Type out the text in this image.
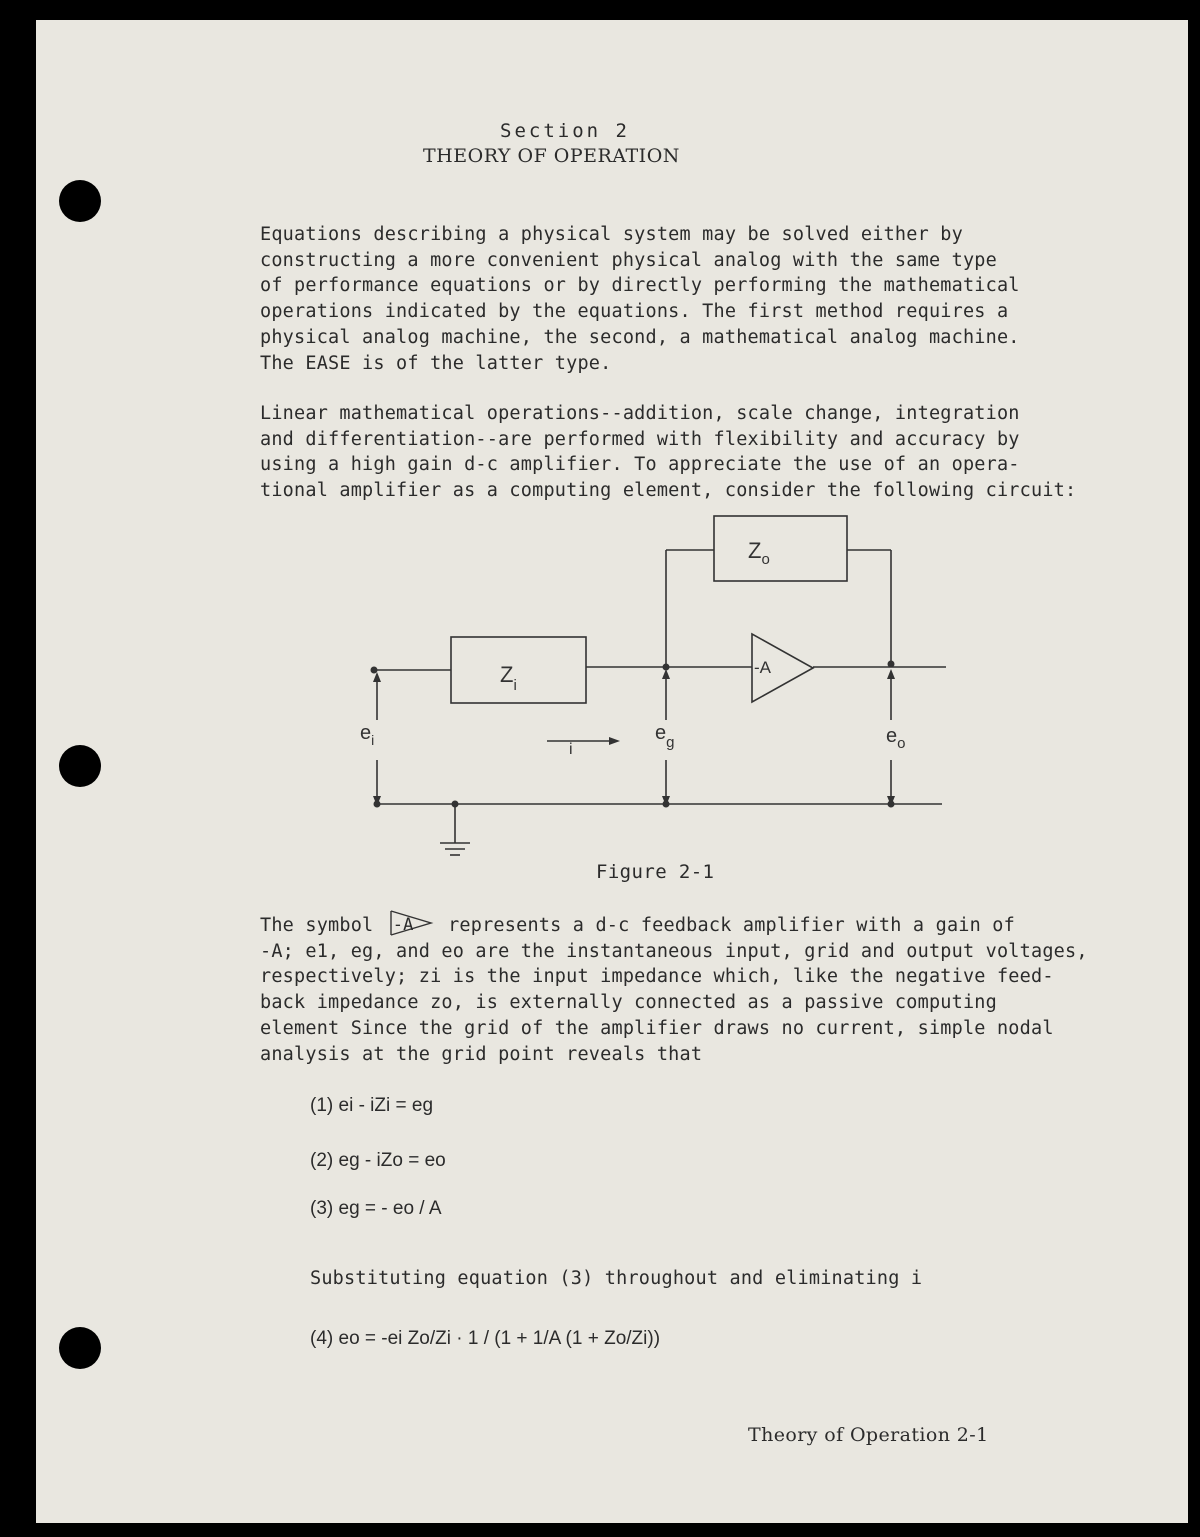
Section 2
THEORY OF OPERATION
Equations describing a physical system may be solved either by
constructing a more convenient physical analog with the same type
of performance equations or by directly performing the mathematical
operations indicated by the equations. The first method requires a
physical analog machine, the second, a mathematical analog machine.
The EASE is of the latter type.
Linear mathematical operations--addition, scale change, integration
and differentiation--are performed with flexibility and accuracy by
using a high gain d-c amplifier. To appreciate the use of an opera-
tional amplifier as a computing element, consider the following circuit:
$Z_o$
$Z_i$
-A
$e_i$
i
$e_g$	$e_o$
Figure 2-1
The symbol -A represents a d-c feedback amplifier with a gain of
-A; e1, eg, and eo are the instantaneous input, grid and output voltages,
respectively; zi is the input impedance which, like the negative feed-
back impedance zo, is externally connected as a passive computing
element Since the grid of the amplifier draws no current, simple nodal
analysis at the grid point reveals that
(1) ei - iZi = eg
(2) eg - iZo = eo
(3) eg = - eo / A
Substituting equation (3) throughout and eliminating i
(4) eo = -ei Zo/Zi · 1 / (1 + 1/A (1 + Zo/Zi))
Theory of Operation 2-1
